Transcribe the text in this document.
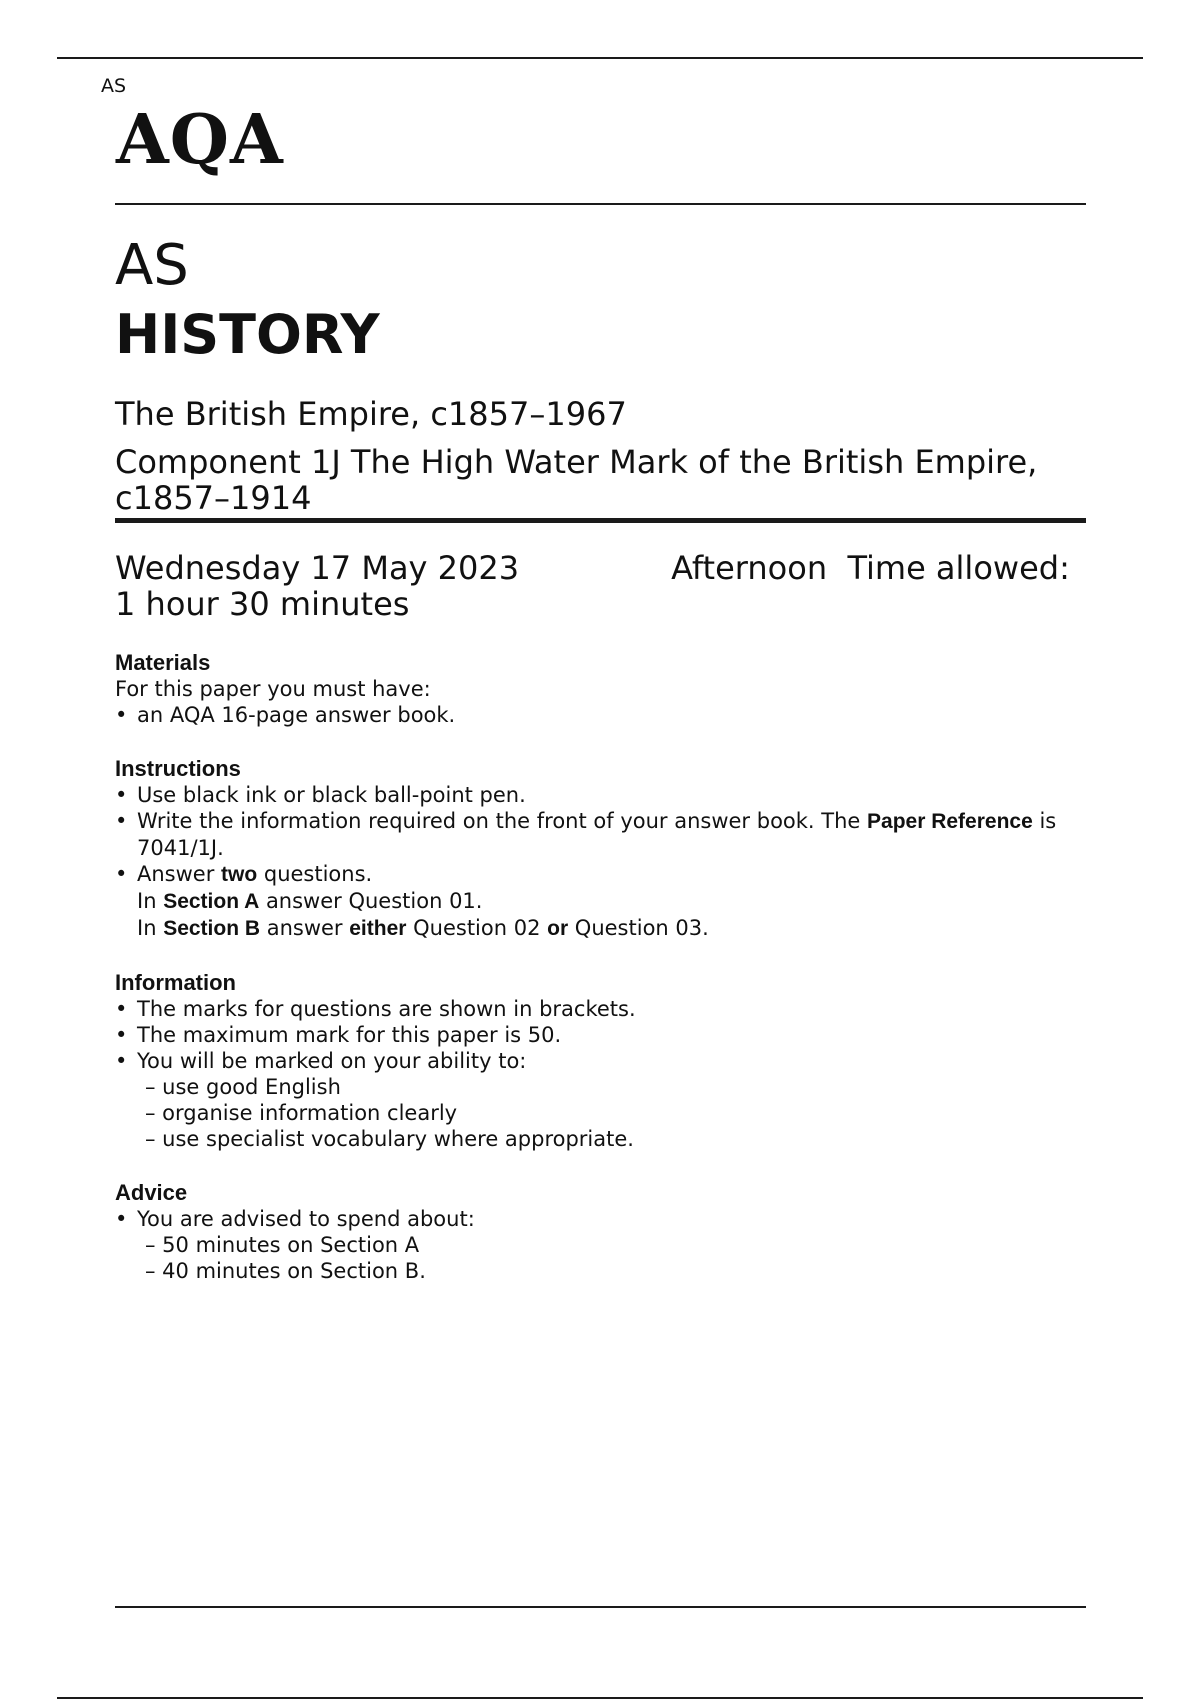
AS
AQA
AS
HISTORY
The British Empire, c1857–1967
Component 1J The High Water Mark of the British Empire, c1857–1914
Wednesday 17 May 2023	Afternoon Time allowed: 1 hour 30 minutes

Materials

For this paper you must have:
• an AQA 16-page answer book.

Instructions

• Use black ink or black ball-point pen.
• Write the information required on the front of your answer book. The Paper Reference is 7041/1J.
• Answer two questions.
In Section A answer Question 01.
In Section B answer either Question 02 or Question 03.

Information

• The marks for questions are shown in brackets.
• The maximum mark for this paper is 50.
• You will be marked on your ability to:
– use good English
– organise information clearly
– use specialist vocabulary where appropriate.

Advice

• You are advised to spend about:
– 50 minutes on Section A
– 40 minutes on Section B.
